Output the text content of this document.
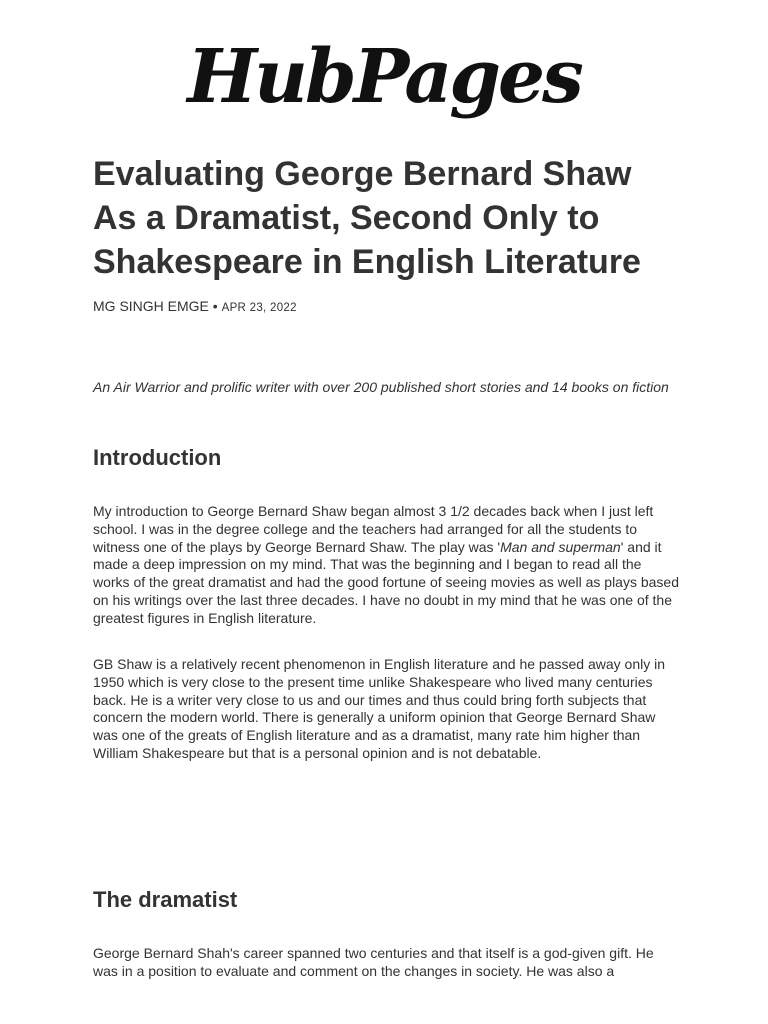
HubPages
Evaluating George Bernard Shaw As a Dramatist, Second Only to Shakespeare in English Literature
MG SINGH EMGE • APR 23, 2022

An Air Warrior and prolific writer with over 200 published short stories and 14 books on fiction

Introduction

My introduction to George Bernard Shaw began almost 3 1/2 decades back when I just left school. I was in the degree college and the teachers had arranged for all the students to witness one of the plays by George Bernard Shaw. The play was 'Man and superman' and it made a deep impression on my mind. That was the beginning and I began to read all the works of the great dramatist and had the good fortune of seeing movies as well as plays based on his writings over the last three decades. I have no doubt in my mind that he was one of the greatest figures in English literature.

GB Shaw is a relatively recent phenomenon in English literature and he passed away only in 1950 which is very close to the present time unlike Shakespeare who lived many centuries back. He is a writer very close to us and our times and thus could bring forth subjects that concern the modern world. There is generally a uniform opinion that George Bernard Shaw was one of the greats of English literature and as a dramatist, many rate him higher than William Shakespeare but that is a personal opinion and is not debatable.

The dramatist

George Bernard Shah's career spanned two centuries and that itself is a god-given gift. He was in a position to evaluate and comment on the changes in society. He was also a
